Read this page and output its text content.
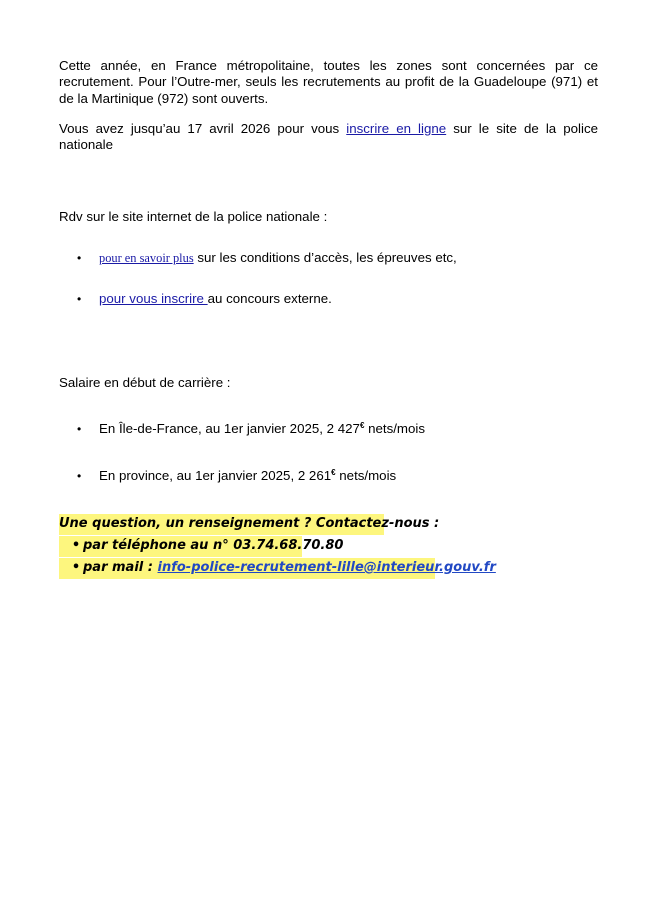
Cette année, en France métropolitaine, toutes les zones sont concernées par ce
recrutement. Pour l’Outre-mer, seuls les recrutements au profit de la Guadeloupe (971) et
de la Martinique (972) sont ouverts.
Vous avez jusqu’au 17 avril 2026 pour vous inscrire en ligne sur le site de la police
nationale
Rdv sur le site internet de la police nationale :
• pour en savoir plus sur les conditions d’accès, les épreuves etc,
• pour vous inscrire au concours externe.
Salaire en début de carrière :
• En Île-de-France, au 1er janvier 2025, 2 427€ nets/mois
• En province, au 1er janvier 2025, 2 261€ nets/mois
Une question, un renseignement ? Contactez-nous :
• par téléphone au n° 03.74.68.70.80
• par mail : info-police-recrutement-lille@interieur.gouv.fr
